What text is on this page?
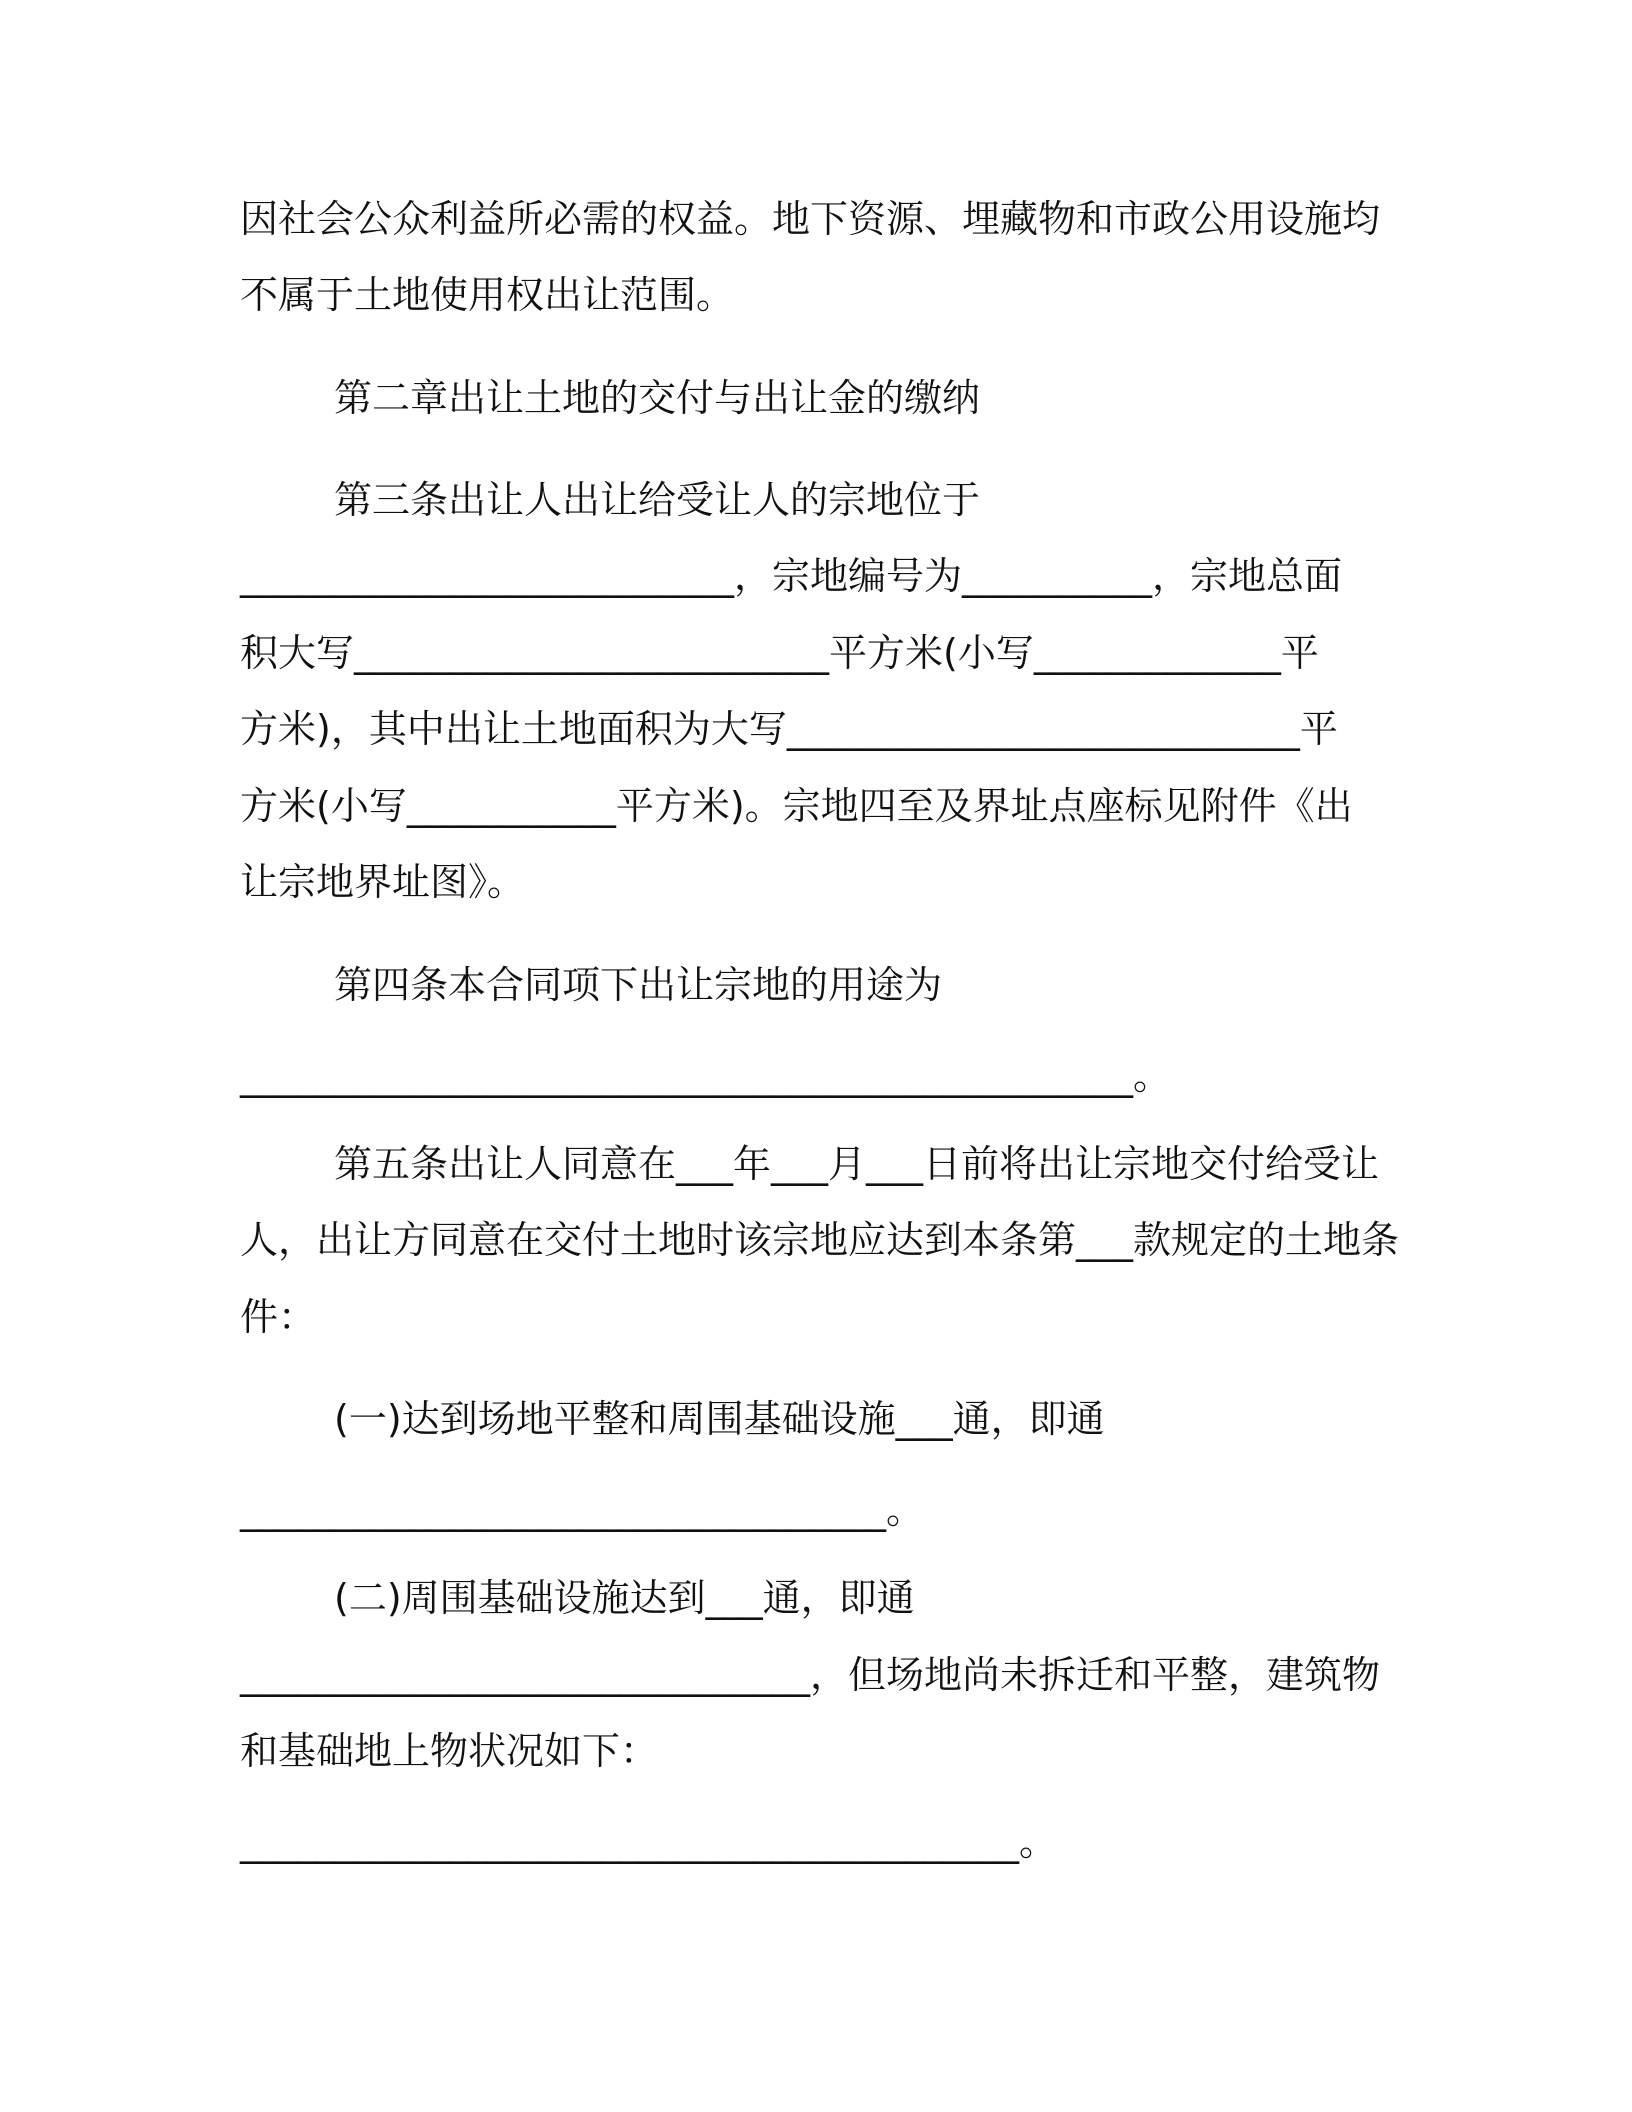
因社会公众利益所必需的权益。地下资源、埋藏物和市政公用设施均
不属于土地使用权出让范围。
第二章出让土地的交付与出让金的缴纳
第三条出让人出让给受让人的宗地位于
__________________________，宗地编号为__________，宗地总面
积大写_________________________平方米(小写_____________平
方米)，其中出让土地面积为大写___________________________平
方米(小写___________平方米)。宗地四至及界址点座标见附件《出
让宗地界址图》。
第四条本合同项下出让宗地的用途为
_______________________________________________。
第五条出让人同意在___年___月___日前将出让宗地交付给受让
人，出让方同意在交付土地时该宗地应达到本条第___款规定的土地条
件：
(一)达到场地平整和周围基础设施___通，即通
__________________________________。
(二)周围基础设施达到___通，即通
______________________________，但场地尚未拆迁和平整，建筑物
和基础地上物状况如下：
_________________________________________。
